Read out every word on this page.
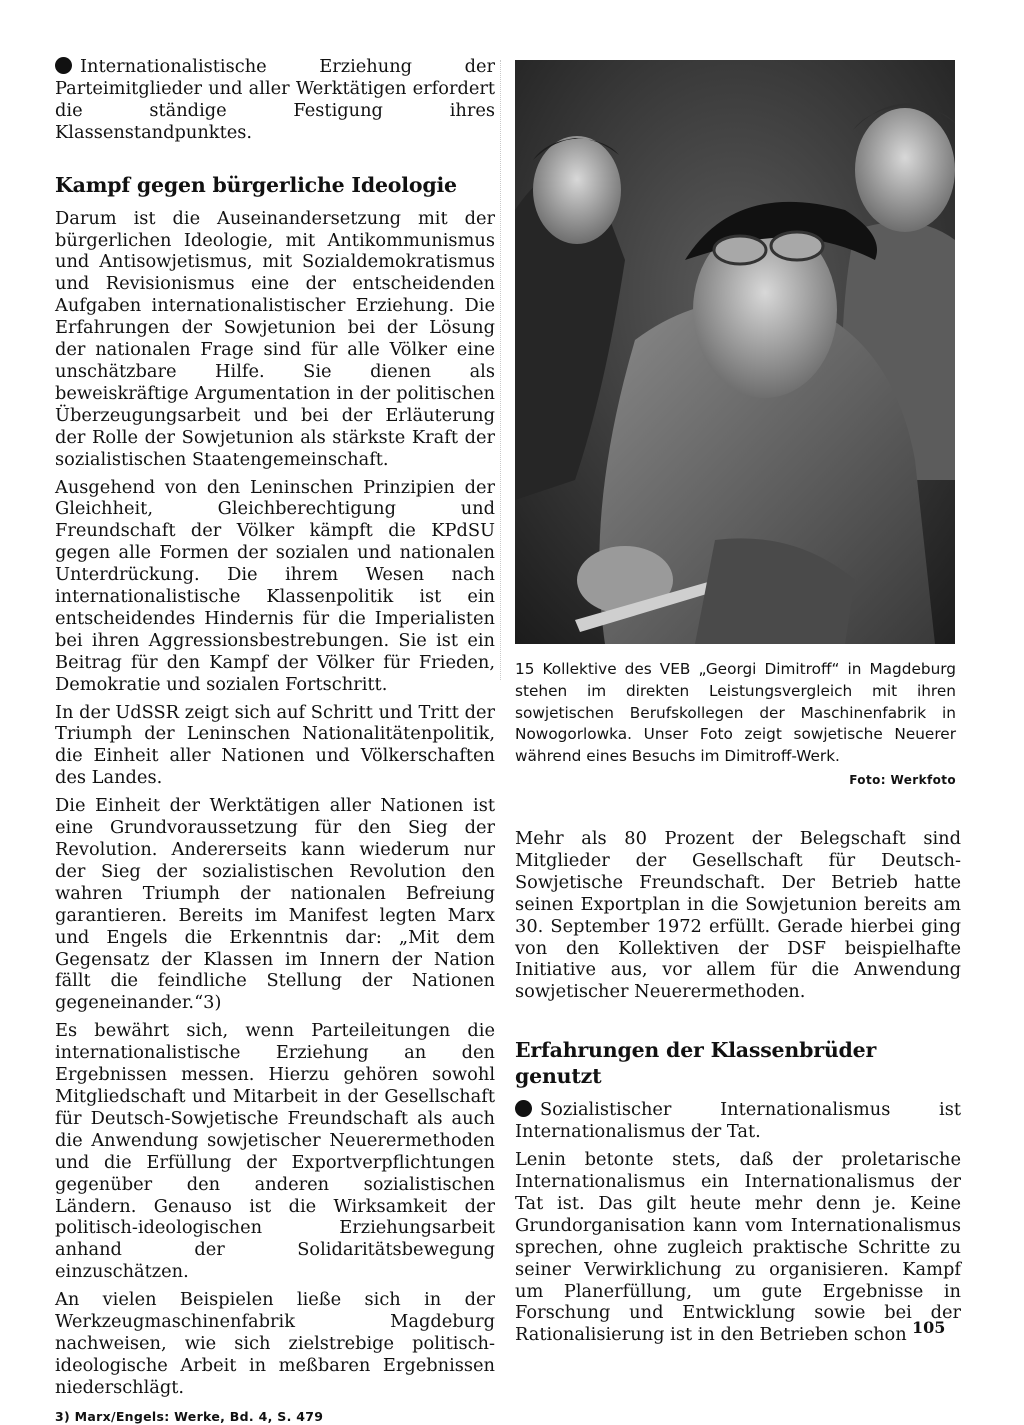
Internationalistische Erziehung der Parteimitglieder und aller Werktätigen erfordert die ständige Festigung ihres Klassenstandpunktes.
Kampf gegen bürgerliche Ideologie

Darum ist die Auseinandersetzung mit der bürgerlichen Ideologie, mit Antikommunismus und Antisowjetismus, mit Sozialdemokratismus und Revisionismus eine der entscheidenden Aufgaben internationalistischer Erziehung. Die Erfahrungen der Sowjetunion bei der Lösung der nationalen Frage sind für alle Völker eine unschätzbare Hilfe. Sie dienen als beweiskräftige Argumentation in der politischen Überzeugungsarbeit und bei der Erläuterung der Rolle der Sowjetunion als stärkste Kraft der sozialistischen Staatengemeinschaft.

Ausgehend von den Leninschen Prinzipien der Gleichheit, Gleichberechtigung und Freundschaft der Völker kämpft die KPdSU gegen alle Formen der sozialen und nationalen Unterdrückung. Die ihrem Wesen nach internationalistische Klassenpolitik ist ein entscheidendes Hindernis für die Imperialisten bei ihren Aggressionsbestrebungen. Sie ist ein Beitrag für den Kampf der Völker für Frieden, Demokratie und sozialen Fortschritt.

In der UdSSR zeigt sich auf Schritt und Tritt der Triumph der Leninschen Nationalitätenpolitik, die Einheit aller Nationen und Völkerschaften des Landes.

Die Einheit der Werktätigen aller Nationen ist eine Grundvoraussetzung für den Sieg der Revolution. Andererseits kann wiederum nur der Sieg der sozialistischen Revolution den wahren Triumph der nationalen Befreiung garantieren. Bereits im Manifest legten Marx und Engels die Erkenntnis dar: „Mit dem Gegensatz der Klassen im Innern der Nation fällt die feindliche Stellung der Nationen gegeneinander.“3)

Es bewährt sich, wenn Parteileitungen die internationalistische Erziehung an den Ergebnissen messen. Hierzu gehören sowohl Mitgliedschaft und Mitarbeit in der Gesellschaft für Deutsch-Sowjetische Freundschaft als auch die Anwendung sowjetischer Neuerermethoden und die Erfüllung der Exportverpflichtungen gegenüber den anderen sozialistischen Ländern. Genauso ist die Wirksamkeit der politisch-ideologischen Erziehungsarbeit anhand der Solidaritätsbewegung einzuschätzen.

An vielen Beispielen ließe sich in der Werkzeugmaschinenfabrik Magdeburg nachweisen, wie sich zielstrebige politisch-ideologische Arbeit in meßbaren Ergebnissen niederschlägt.

3) Marx/Engels: Werke, Bd. 4, S. 479
15 Kollektive des VEB „Georgi Dimitroff“ in Magdeburg stehen im direkten Leistungsvergleich mit ihren sowjetischen Berufskollegen der Maschinenfabrik in Nowogorlowka. Unser Foto zeigt sowjetische Neuerer während eines Besuchs im Dimitroff-Werk.
Foto: Werkfoto

Mehr als 80 Prozent der Belegschaft sind Mitglieder der Gesellschaft für Deutsch-Sowjetische Freundschaft. Der Betrieb hatte seinen Exportplan in die Sowjetunion bereits am 30. September 1972 erfüllt. Gerade hierbei ging von den Kollektiven der DSF beispielhafte Initiative aus, vor allem für die Anwendung sowjetischer Neuerermethoden.

Erfahrungen der Klassenbrüder genutzt
Sozialistischer Internationalismus ist Internationalismus der Tat.

Lenin betonte stets, daß der proletarische Internationalismus ein Internationalismus der Tat ist. Das gilt heute mehr denn je. Keine Grundorganisation kann vom Internationalismus sprechen, ohne zugleich praktische Schritte zu seiner Verwirklichung zu organisieren. Kampf um Planerfüllung, um gute Ergebnisse in Forschung und Entwicklung sowie bei der Rationalisierung ist in den Betrieben schon 105
